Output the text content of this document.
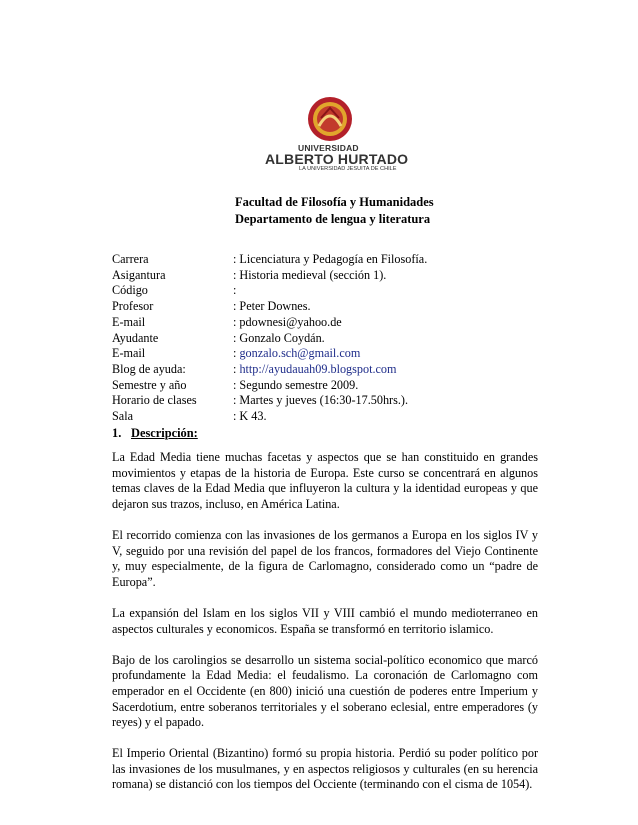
UNIVERSIDAD
ALBERTO HURTADO
LA UNIVERSIDAD JESUITA DE CHILE
Facultad de Filosofía y Humanidades
Departamento de lengua y literatura
Carrera	: Licenciatura y Pedagogía en Filosofía.
Asigantura	: Historia medieval (sección 1).
Código	:
Profesor	: Peter Downes.
E-mail	: pdownesi@yahoo.de
Ayudante	: Gonzalo Coydán.
E-mail	: gonzalo.sch@gmail.com
Blog de ayuda:	: http://ayudauah09.blogspot.com
Semestre y año	: Segundo semestre 2009.
Horario de clases	: Martes y jueves (16:30-17.50hrs.).
Sala	: K 43.
1. Descripción:

La Edad Media tiene muchas facetas y aspectos que se han constituido en grandes movimientos y etapas de la historia de Europa. Este curso se concentrará en algunos temas claves de la Edad Media que influyeron la cultura y la identidad europeas y que dejaron sus trazos, incluso, en América Latina.

El recorrido comienza con las invasiones de los germanos a Europa en los siglos IV y V, seguido por una revisión del papel de los francos, formadores del Viejo Continente y, muy especialmente, de la figura de Carlomagno, considerado como un “padre de Europa”.

La expansión del Islam en los siglos VII y VIII cambió el mundo medioterraneo en aspectos culturales y economicos. España se transformó en territorio islamico.

Bajo de los carolingios se desarrollo un sistema social-político economico que marcó profundamente la Edad Media: el feudalismo. La coronación de Carlomagno com emperador en el Occidente (en 800) inició una cuestión de poderes entre Imperium y Sacerdotium, entre soberanos territoriales y el soberano eclesial, entre emperadores (y reyes) y el papado.

El Imperio Oriental (Bizantino) formó su propia historia. Perdió su poder político por las invasiones de los musulmanes, y en aspectos religiosos y culturales (en su herencia romana) se distanció con los tiempos del Occiente (terminando con el cisma de 1054).
